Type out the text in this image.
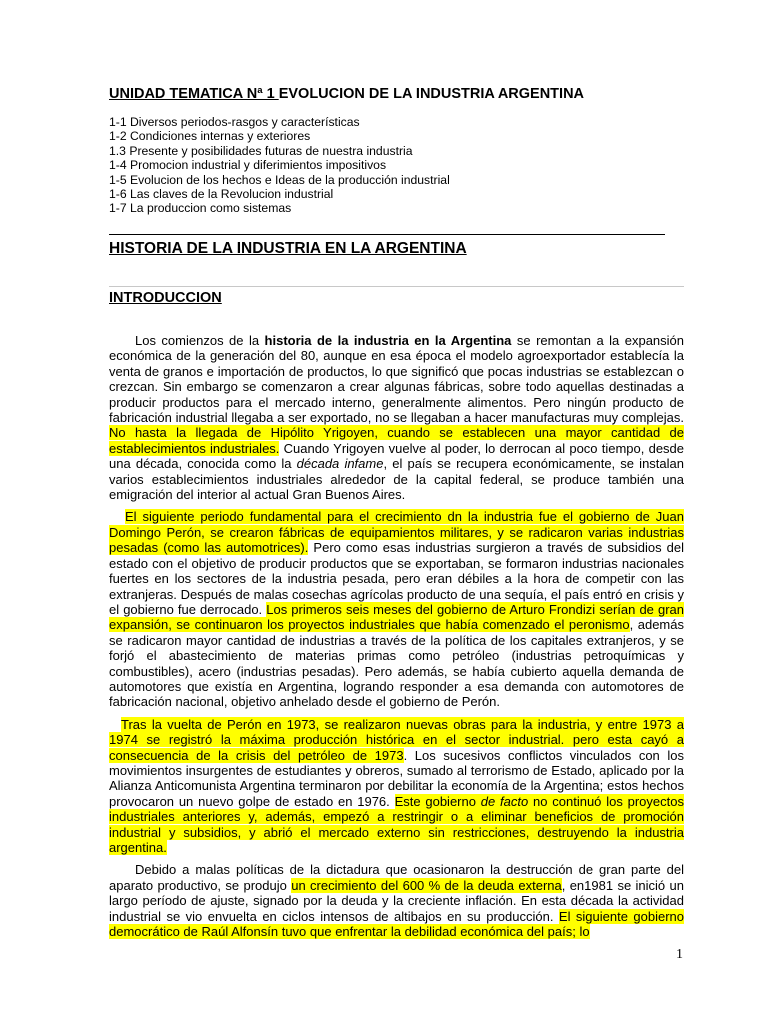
UNIDAD TEMATICA Nª 1 EVOLUCION DE LA INDUSTRIA ARGENTINA
1-1 Diversos periodos-rasgos y características
1-2 Condiciones internas y exteriores
1.3 Presente y posibilidades futuras de nuestra industria
1-4 Promocion industrial y diferimientos impositivos
1-5 Evolucion de los hechos e Ideas de la producción industrial
1-6 Las claves de la Revolucion industrial
1-7 La produccion como sistemas
HISTORIA DE LA INDUSTRIA EN LA ARGENTINA
INTRODUCCION

Los comienzos de la historia de la industria en la Argentina se remontan a la expansión económica de la generación del 80, aunque en esa época el modelo agroexportador establecía la venta de granos e importación de productos, lo que significó que pocas industrias se establezcan o crezcan. Sin embargo se comenzaron a crear algunas fábricas, sobre todo aquellas destinadas a producir productos para el mercado interno, generalmente alimentos. Pero ningún producto de fabricación industrial llegaba a ser exportado, no se llegaban a hacer manufacturas muy complejas. No hasta la llegada de Hipólito Yrigoyen, cuando se establecen una mayor cantidad de establecimientos industriales. Cuando Yrigoyen vuelve al poder, lo derrocan al poco tiempo, desde una década, conocida como la década infame, el país se recupera económicamente, se instalan varios establecimientos industriales alrededor de la capital federal, se produce también una emigración del interior al actual Gran Buenos Aires.

El siguiente periodo fundamental para el crecimiento dn la industria fue el gobierno de Juan Domingo Perón, se crearon fábricas de equipamientos militares, y se radicaron varias industrias pesadas (como las automotrices). Pero como esas industrias surgieron a través de subsidios del estado con el objetivo de producir productos que se exportaban, se formaron industrias nacionales fuertes en los sectores de la industria pesada, pero eran débiles a la hora de competir con las extranjeras. Después de malas cosechas agrícolas producto de una sequía, el país entró en crisis y el gobierno fue derrocado. Los primeros seis meses del gobierno de Arturo Frondizi serían de gran expansión, se continuaron los proyectos industriales que había comenzado el peronismo, además se radicaron mayor cantidad de industrias a través de la política de los capitales extranjeros, y se forjó el abastecimiento de materias primas como petróleo (industrias petroquímicas y combustibles), acero (industrias pesadas). Pero además, se había cubierto aquella demanda de automotores que existía en Argentina, logrando responder a esa demanda con automotores de fabricación nacional, objetivo anhelado desde el gobierno de Perón.

Tras la vuelta de Perón en 1973, se realizaron nuevas obras para la industria, y entre 1973 a 1974 se registró la máxima producción histórica en el sector industrial. pero esta cayó a consecuencia de la crisis del petróleo de 1973. Los sucesivos conflictos vinculados con los movimientos insurgentes de estudiantes y obreros, sumado al terrorismo de Estado, aplicado por la Alianza Anticomunista Argentina terminaron por debilitar la economía de la Argentina; estos hechos provocaron un nuevo golpe de estado en 1976. Este gobierno de facto no continuó los proyectos industriales anteriores y, además, empezó a restringir o a eliminar beneficios de promoción industrial y subsidios, y abrió el mercado externo sin restricciones, destruyendo la industria argentina.

Debido a malas políticas de la dictadura que ocasionaron la destrucción de gran parte del aparato productivo, se produjo un crecimiento del 600 % de la deuda externa, en1981 se inició un largo período de ajuste, signado por la deuda y la creciente inflación. En esta década la actividad industrial se vio envuelta en ciclos intensos de altibajos en su producción. El siguiente gobierno democrático de Raúl Alfonsín tuvo que enfrentar la debilidad económica del país; lo

1
